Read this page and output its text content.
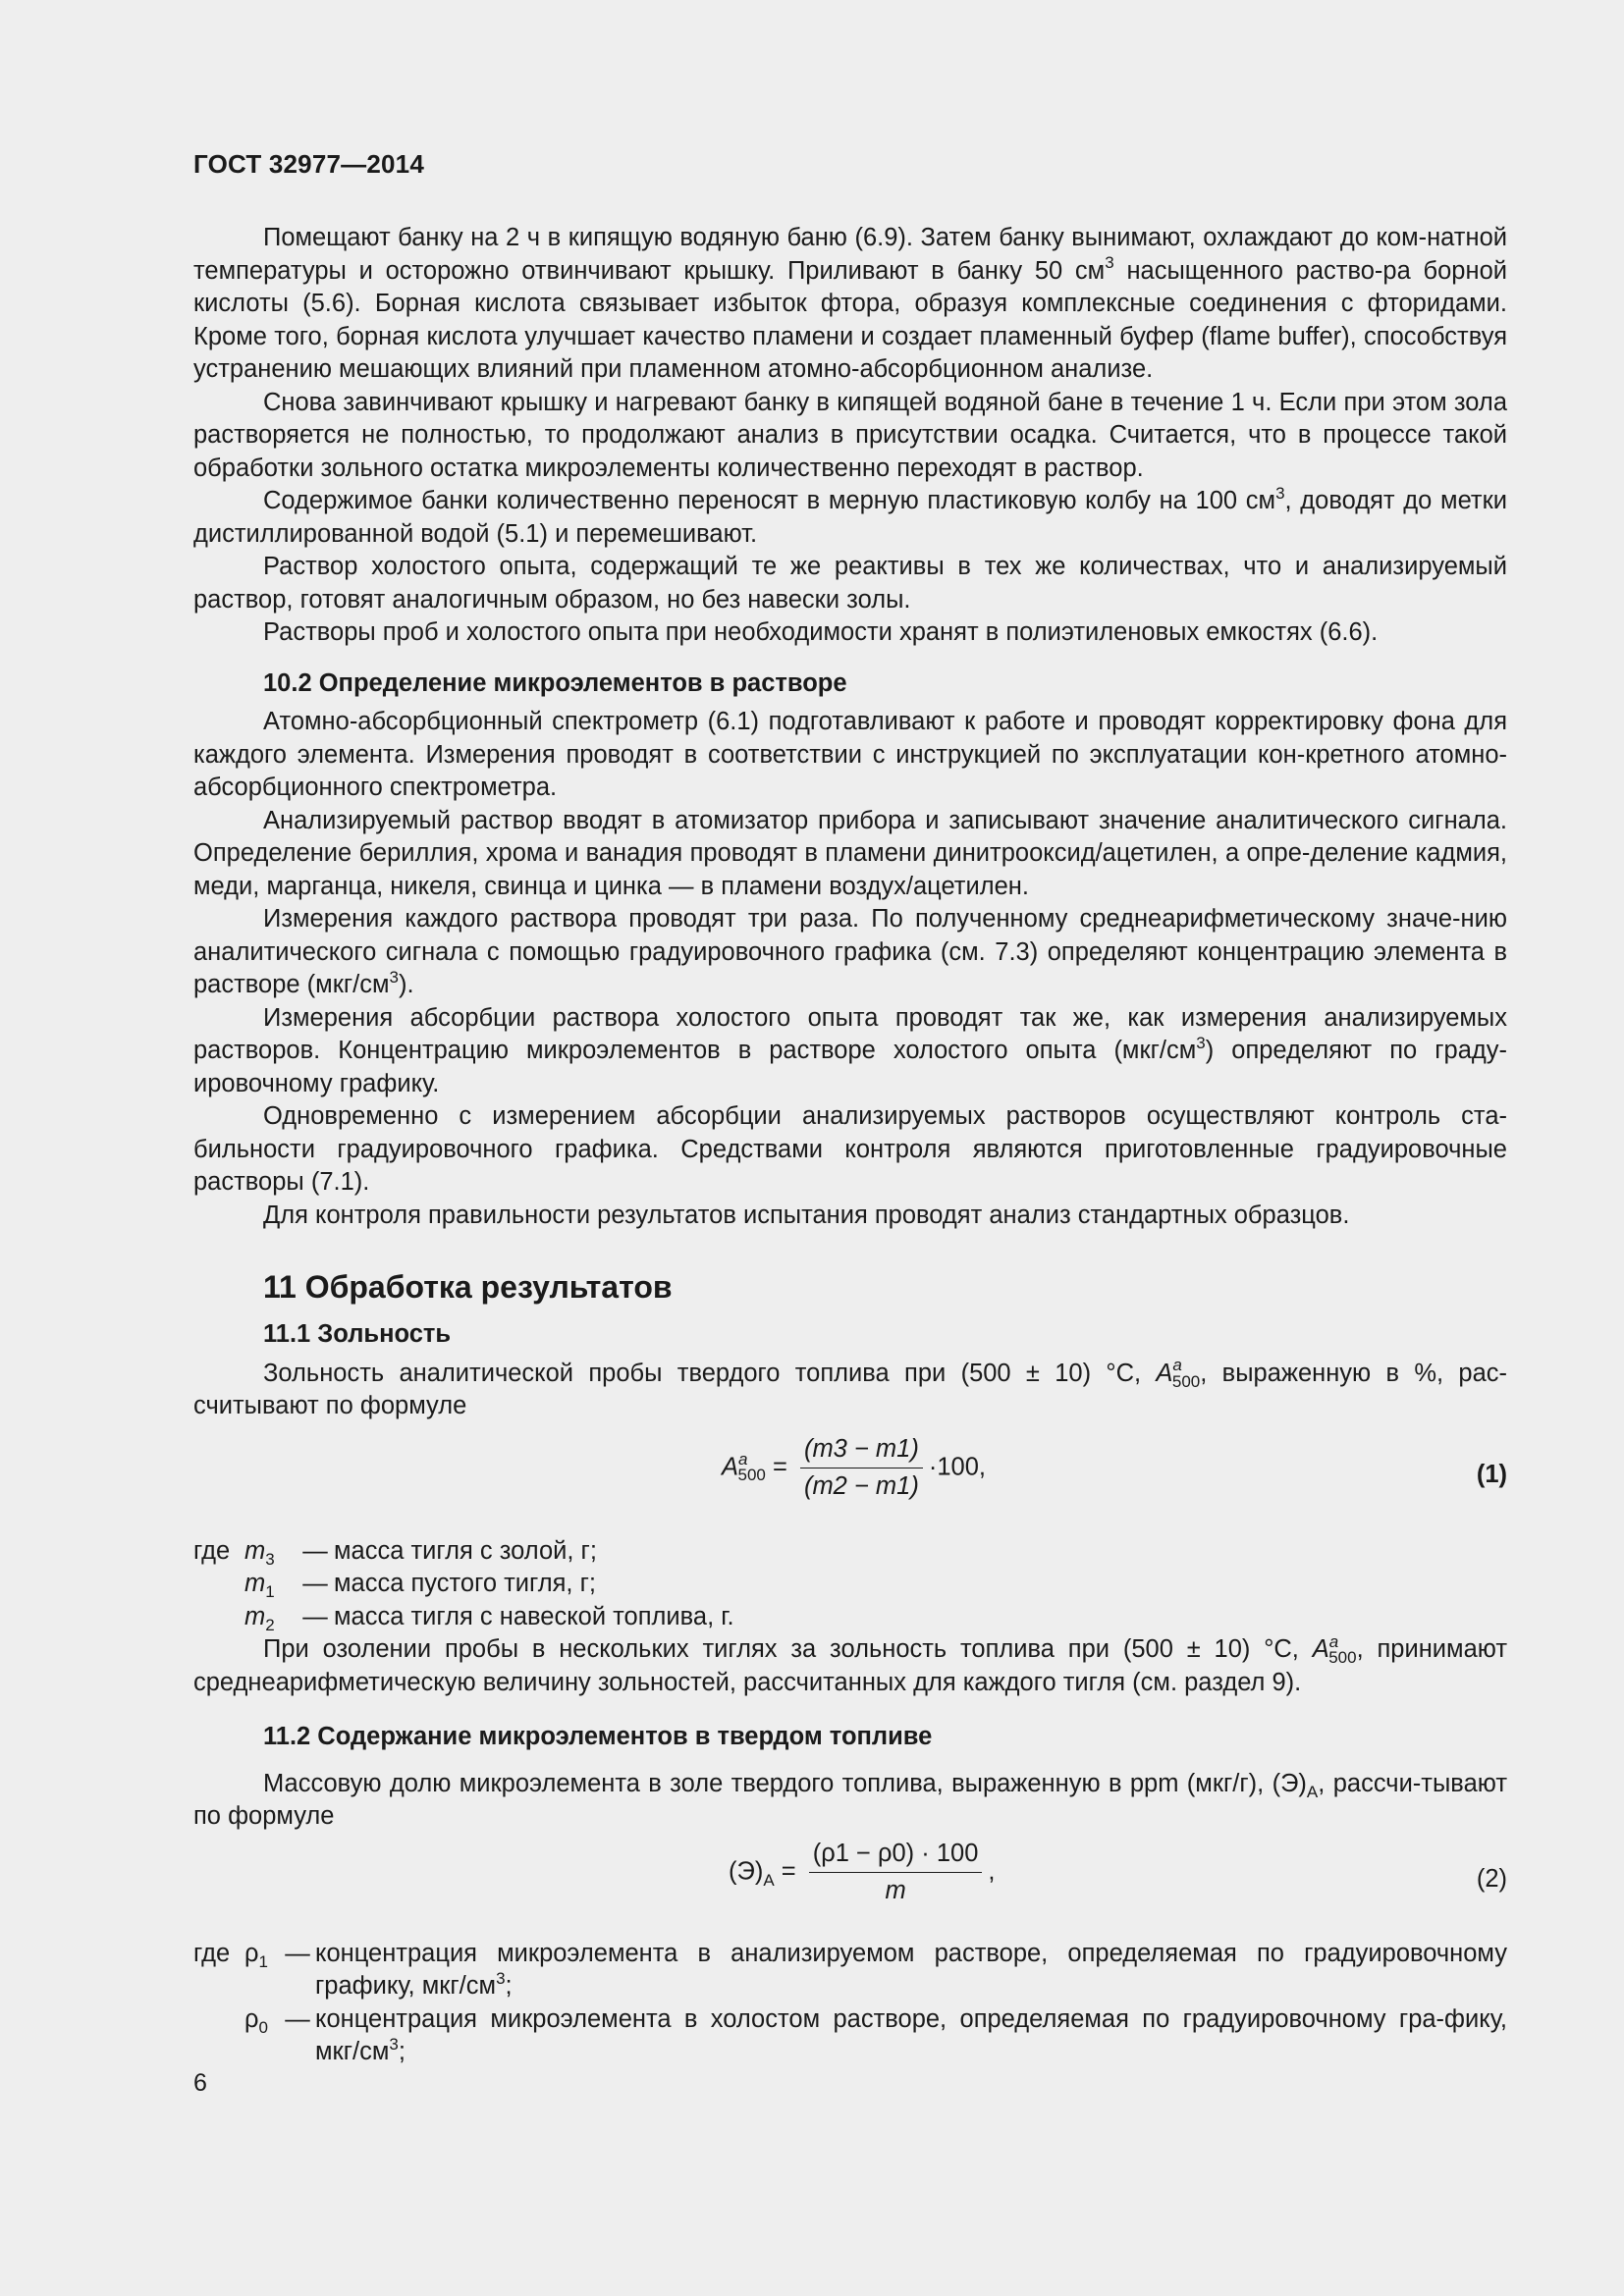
ГОСТ 32977—2014

Помещают банку на 2 ч в кипящую водяную баню (6.9). Затем банку вынимают, охлаждают до ком-натной температуры и осторожно отвинчивают крышку. Приливают в банку 50 $см^3$ насыщенного раство-ра борной кислоты (5.6). Борная кислота связывает избыток фтора, образуя комплексные соединения с фторидами. Кроме того, борная кислота улучшает качество пламени и создает пламенный буфер (flame buffer), способствуя устранению мешающих влияний при пламенном атомно-абсорбционном анализе.

Снова завинчивают крышку и нагревают банку в кипящей водяной бане в течение 1 ч. Если при этом зола растворяется не полностью, то продолжают анализ в присутствии осадка. Считается, что в процессе такой обработки зольного остатка микроэлементы количественно переходят в раствор.

Содержимое банки количественно переносят в мерную пластиковую колбу на 100 $см^3$, доводят до метки дистиллированной водой (5.1) и перемешивают.

Раствор холостого опыта, содержащий те же реактивы в тех же количествах, что и анализируемый раствор, готовят аналогичным образом, но без навески золы.

Растворы проб и холостого опыта при необходимости хранят в полиэтиленовых емкостях (6.6).

10.2 Определение микроэлементов в растворе

Атомно-абсорбционный спектрометр (6.1) подготавливают к работе и проводят корректировку фона для каждого элемента. Измерения проводят в соответствии с инструкцией по эксплуатации кон-кретного атомно-абсорбционного спектрометра.

Анализируемый раствор вводят в атомизатор прибора и записывают значение аналитического сигнала. Определение бериллия, хрома и ванадия проводят в пламени динитрооксид/ацетилен, а опре-деление кадмия, меди, марганца, никеля, свинца и цинка — в пламени воздух/ацетилен.

Измерения каждого раствора проводят три раза. По полученному среднеарифметическому значе-нию аналитического сигнала с помощью градуировочного графика (см. 7.3) определяют концентрацию элемента в растворе $(мкг/см^3)$.

Измерения абсорбции раствора холостого опыта проводят так же, как измерения анализируемых растворов. Концентрацию микроэлементов в растворе холостого опыта $(мкг/см^3)$ определяют по граду-ировочному графику.

Одновременно с измерением абсорбции анализируемых растворов осуществляют контроль ста-бильности градуировочного графика. Средствами контроля являются приготовленные градуировочные растворы (7.1).

Для контроля правильности результатов испытания проводят анализ стандартных образцов.

11 Обработка результатов
11.1 Зольность

Зольность аналитической пробы твердого топлива при (500 ± 10) °С, $A^a_{500}$, выраженную в %, рас-считывают по формуле

$A^a_{500} = \frac{(m3 - m1)}{(m2 - m1)} \cdot 100$,	(1)
где $m_3$	— масса тигля с золой, г;
$m_1$	— масса пустого тигля, г;
$m_2$	— масса тигля с навеской топлива, г.

При озолении пробы в нескольких тиглях за зольность топлива при (500 ± 10) °С, $A^a_{500}$, принимают среднеарифметическую величину зольностей, рассчитанных для каждого тигля (см. раздел 9).

11.2 Содержание микроэлементов в твердом топливе

Массовую долю микроэлемента в золе твердого топлива, выраженную в ppm (мкг/г), $(Э)_A$, рассчи-тывают по формуле

$(Э)_A = \frac{(\rho 1 - \rho 0) \cdot 100}{m}$ ,	(2)
где $\rho_1$ — концентрация микроэлемента в анализируемом растворе, определяемая по градуировочному графику, мкг/$см^3$;
$\rho_0$ — концентрация микроэлемента в холостом растворе, определяемая по градуировочному гра-фику, мкг/$см^3$;
6
